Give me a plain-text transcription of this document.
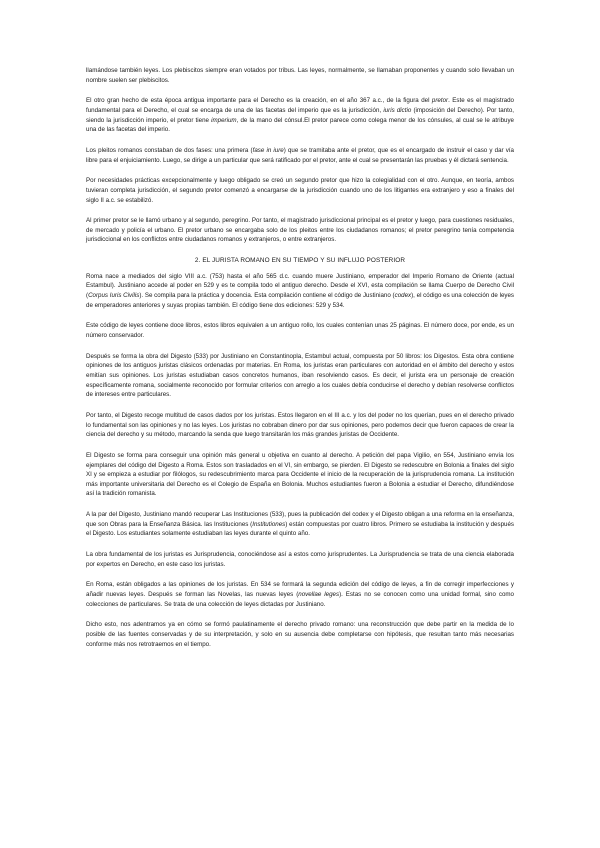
llamándose también leyes. Los plebiscitos siempre eran votados por tribus. Las leyes, normalmente, se llamaban proponentes y cuando solo llevaban un nombre suelen ser plebiscitos.

El otro gran hecho de esta época antigua importante para el Derecho es la creación, en el año 367 a.c., de la figura del pretor. Este es el magistrado fundamental para el Derecho, el cual se encarga de una de las facetas del imperio que es la jurisdicción, iuris dictio (imposición del Derecho). Por tanto, siendo la jurisdicción imperio, el pretor tiene imperium, de la mano del cónsul.El pretor parece como colega menor de los cónsules, al cual se le atribuye una de las facetas del imperio.

Los pleitos romanos constaban de dos fases: una primera (fase in iure) que se tramitaba ante el pretor, que es el encargado de instruir el caso y dar vía libre para el enjuiciamiento. Luego, se dirige a un particular que será ratificado por el pretor, ante el cual se presentarán las pruebas y él dictará sentencia.

Por necesidades prácticas excepcionalmente y luego obligado se creó un segundo pretor que hizo la colegialidad con el otro. Aunque, en teoría, ambos tuvieran completa jurisdicción, el segundo pretor comenzó a encargarse de la jurisdicción cuando uno de los litigantes era extranjero y eso a finales del siglo II a.c. se estabilizó.

Al primer pretor se le llamó urbano y al segundo, peregrino. Por tanto, el magistrado jurisdiccional principal es el pretor y luego, para cuestiones residuales, de mercado y policía el urbano. El pretor urbano se encargaba solo de los pleitos entre los ciudadanos romanos; el pretor peregrino tenía competencia jurisdiccional en los conflictos entre ciudadanos romanos y extranjeros, o entre extranjeros.

2. EL JURISTA ROMANO EN SU TIEMPO Y SU INFLUJO POSTERIOR

Roma nace a mediados del siglo VIII a.c. (753) hasta el año 565 d.c. cuando muere Justiniano, emperador del Imperio Romano de Oriente (actual Estambul). Justiniano accede al poder en 529 y es te compila todo el antiguo derecho. Desde el XVI, esta compilación se llama Cuerpo de Derecho Civil (Corpus Iuris Civilis). Se compila para la práctica y docencia. Esta compilación contiene el código de Justiniano (codex), el código es una colección de leyes de emperadores anteriores y suyas propias también. El código tiene dos ediciones: 529 y 534.

Este código de leyes contiene doce libros, estos libros equivalen a un antiguo rollo, los cuales contenían unas 25 páginas. El número doce, por ende, es un número conservador.

Después se forma la obra del Digesto (533) por Justiniano en Constantinopla, Estambul actual, compuesta por 50 libros: los Digestos. Esta obra contiene opiniones de los antiguos juristas clásicos ordenadas por materias. En Roma, los juristas eran particulares con autoridad en el ámbito del derecho y estos emitían sus opiniones. Los juristas estudiaban casos concretos humanos, iban resolviendo casos. Es decir, el jurista era un personaje de creación específicamente romana, socialmente reconocido por formular criterios con arreglo a los cuales debía conducirse el derecho y debían resolverse conflictos de intereses entre particulares.

Por tanto, el Digesto recoge multitud de casos dados por los juristas. Estos llegaron en el III a.c. y los del poder no los querían, pues en el derecho privado lo fundamental son las opiniones y no las leyes. Los juristas no cobraban dinero por dar sus opiniones, pero podemos decir que fueron capaces de crear la ciencia del derecho y su método, marcando la senda que luego transitarán los más grandes juristas de Occidente.

El Digesto se forma para conseguir una opinión más general u objetiva en cuanto al derecho. A petición del papa Vigilio, en 554, Justiniano envía los ejemplares del código del Digesto a Roma. Estos son trasladados en el VI, sin embargo, se pierden. El Digesto se redescubre en Bolonia a finales del siglo XI y se empieza a estudiar por filólogos, su redescubrimiento marca para Occidente el inicio de la recuperación de la jurisprudencia romana. La institución más importante universitaria del Derecho es el Colegio de España en Bolonia. Muchos estudiantes fueron a Bolonia a estudiar el Derecho, difundiéndose así la tradición romanista.

A la par del Digesto, Justiniano mandó recuperar Las Instituciones (533), pues la publicación del codex y el Digesto obligan a una reforma en la enseñanza, que son Obras para la Enseñanza Básica. las Instituciones (Institutiones) están compuestas por cuatro libros. Primero se estudiaba la institución y después el Digesto. Los estudiantes solamente estudiaban las leyes durante el quinto año.

La obra fundamental de los juristas es Jurisprudencia, conociéndose así a estos como jurisprudentes. La Jurisprudencia se trata de una ciencia elaborada por expertos en Derecho, en este caso los juristas.

En Roma, están obligados a las opiniones de los juristas. En 534 se formará la segunda edición del código de leyes, a fin de corregir imperfecciones y añadir nuevas leyes. Después se forman las Novelas, las nuevas leyes (novellae leges). Estas no se conocen como una unidad formal, sino como colecciones de particulares. Se trata de una colección de leyes dictadas por Justiniano.

Dicho esto, nos adentramos ya en cómo se formó paulatinamente el derecho privado romano: una reconstrucción que debe partir en la medida de lo posible de las fuentes conservadas y de su interpretación, y solo en su ausencia debe completarse con hipótesis, que resultan tanto más necesarias conforme más nos retrotraemos en el tiempo.
